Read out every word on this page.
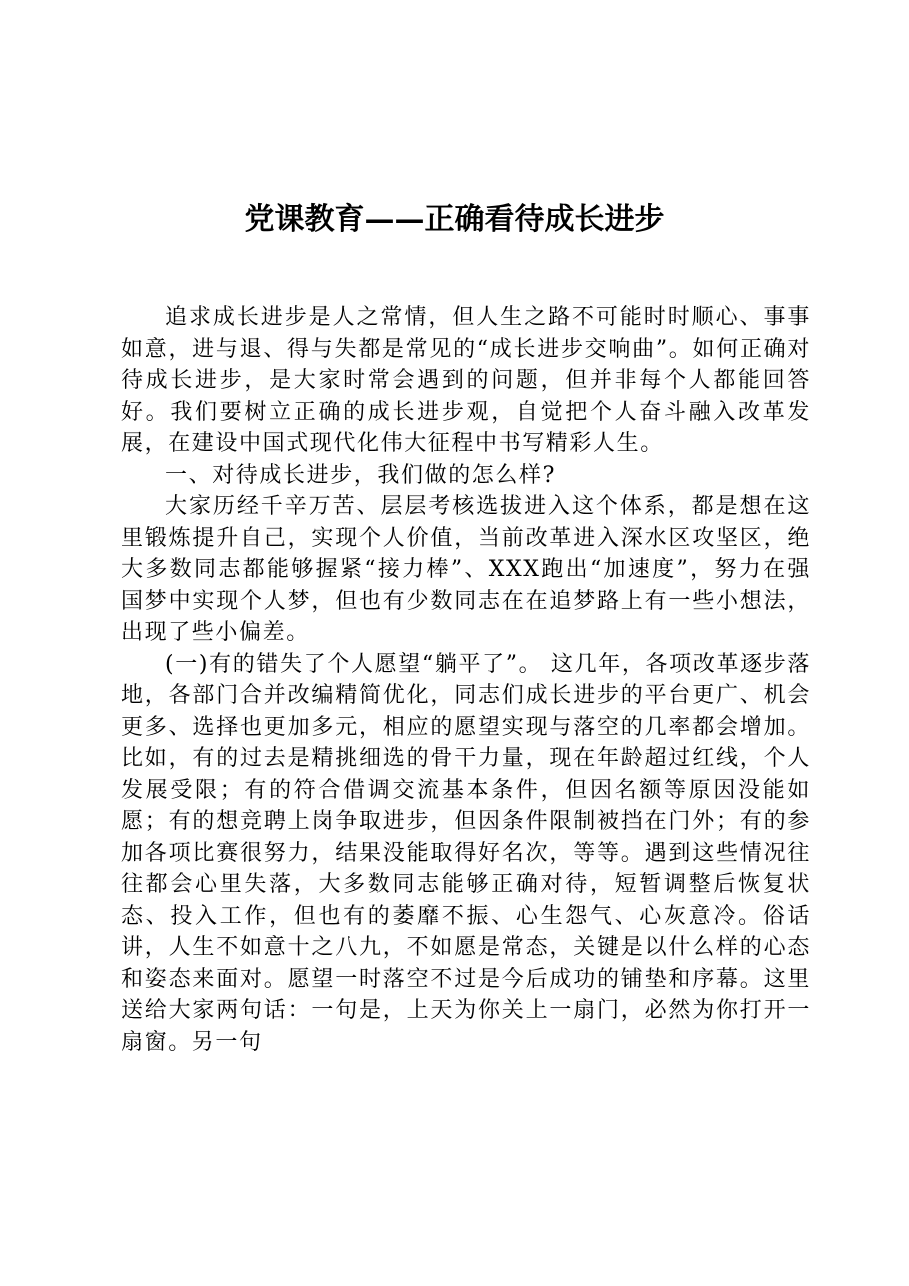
党课教育——正确看待成长进步

追求成长进步是人之常情，但人生之路不可能时时顺心、事事如意，进与退、得与失都是常见的“成长进步交响曲”。如何正确对待成长进步，是大家时常会遇到的问题，但并非每个人都能回答好。我们要树立正确的成长进步观，自觉把个人奋斗融入改革发展，在建设中国式现代化伟大征程中书写精彩人生。

一、对待成长进步，我们做的怎么样?

大家历经千辛万苦、层层考核选拔进入这个体系，都是想在这里锻炼提升自己，实现个人价值，当前改革进入深水区攻坚区，绝大多数同志都能够握紧“接力棒”、XXX跑出“加速度”，努力在强国梦中实现个人梦，但也有少数同志在在追梦路上有一些小想法，出现了些小偏差。

(一)有的错失了个人愿望“躺平了”。 这几年，各项改革逐步落地，各部门合并改编精简优化，同志们成长进步的平台更广、机会更多、选择也更加多元，相应的愿望实现与落空的几率都会增加。比如，有的过去是精挑细选的骨干力量，现在年龄超过红线，个人发展受限；有的符合借调交流基本条件，但因名额等原因没能如愿；有的想竞聘上岗争取进步，但因条件限制被挡在门外；有的参加各项比赛很努力，结果没能取得好名次，等等。遇到这些情况往往都会心里失落，大多数同志能够正确对待，短暂调整后恢复状态、投入工作，但也有的萎靡不振、心生怨气、心灰意冷。俗话讲，人生不如意十之八九，不如愿是常态，关键是以什么样的心态和姿态来面对。愿望一时落空不过是今后成功的铺垫和序幕。这里送给大家两句话：一句是，上天为你关上一扇门，必然为你打开一扇窗。另一句
